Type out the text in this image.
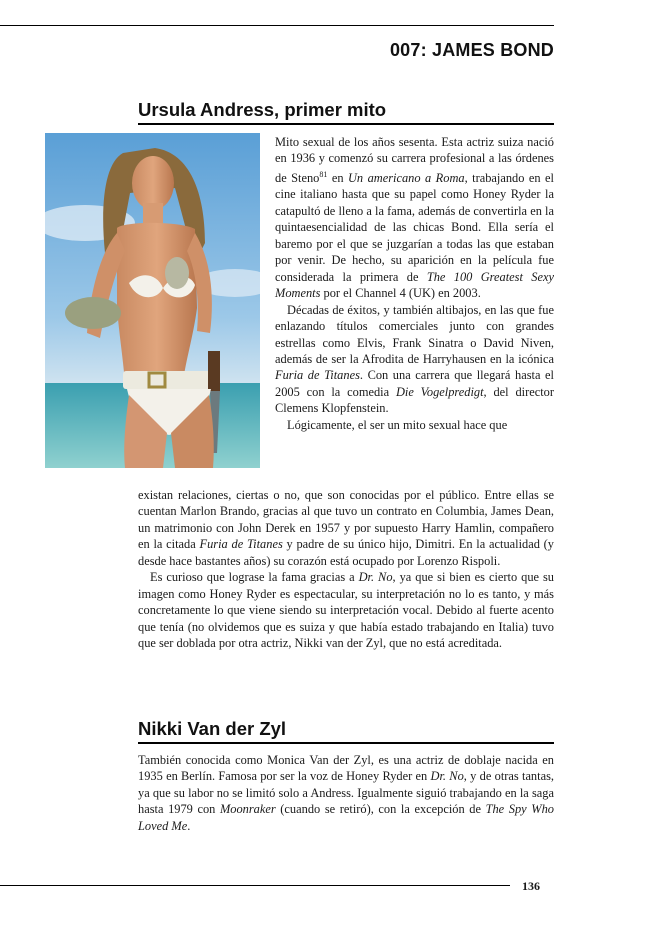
007: JAMES BOND
Ursula Andress, primer mito

Mito sexual de los años sesenta. Esta actriz suiza nació en 1936 y comenzó su carrera profesional a las órdenes de Steno$^{81}$ en Un americano a Roma, trabajando en el cine italiano hasta que su papel como Honey Ryder la catapultó de lleno a la fama, además de convertirla en la quintaesencialidad de las chicas Bond. Ella sería el baremo por el que se juzgarían a todas las que estaban por venir. De hecho, su aparición en la película fue considerada la primera de The 100 Greatest Sexy Moments por el Channel 4 (UK) en 2003.

Décadas de éxitos, y también altibajos, en las que fue enlazando títulos comerciales junto con grandes estrellas como Elvis, Frank Sinatra o David Niven, además de ser la Afrodita de Harryhausen en la icónica Furia de Titanes. Con una carrera que llegará hasta el 2005 con la comedia Die Vogelpredigt, del director Clemens Klopfenstein.

Lógicamente, el ser un mito sexual hace que

existan relaciones, ciertas o no, que son conocidas por el público. Entre ellas se cuentan Marlon Brando, gracias al que tuvo un contrato en Columbia, James Dean, un matrimonio con John Derek en 1957 y por supuesto Harry Hamlin, compañero en la citada Furia de Titanes y padre de su único hijo, Dimitri. En la actualidad (y desde hace bastantes años) su corazón está ocupado por Lorenzo Rispoli.

Es curioso que lograse la fama gracias a Dr. No, ya que si bien es cierto que su imagen como Honey Ryder es espectacular, su interpretación no lo es tanto, y más concretamente lo que viene siendo su interpretación vocal. Debido al fuerte acento que tenía (no olvidemos que es suiza y que había estado trabajando en Italia) tuvo que ser doblada por otra actriz, Nikki van der Zyl, que no está acreditada.

Nikki Van der Zyl

También conocida como Monica Van der Zyl, es una actriz de doblaje nacida en 1935 en Berlín. Famosa por ser la voz de Honey Ryder en Dr. No, y de otras tantas, ya que su labor no se limitó solo a Andress. Igualmente siguió trabajando en la saga hasta 1979 con Moonraker (cuando se retiró), con la excepción de The Spy Who Loved Me.

136
